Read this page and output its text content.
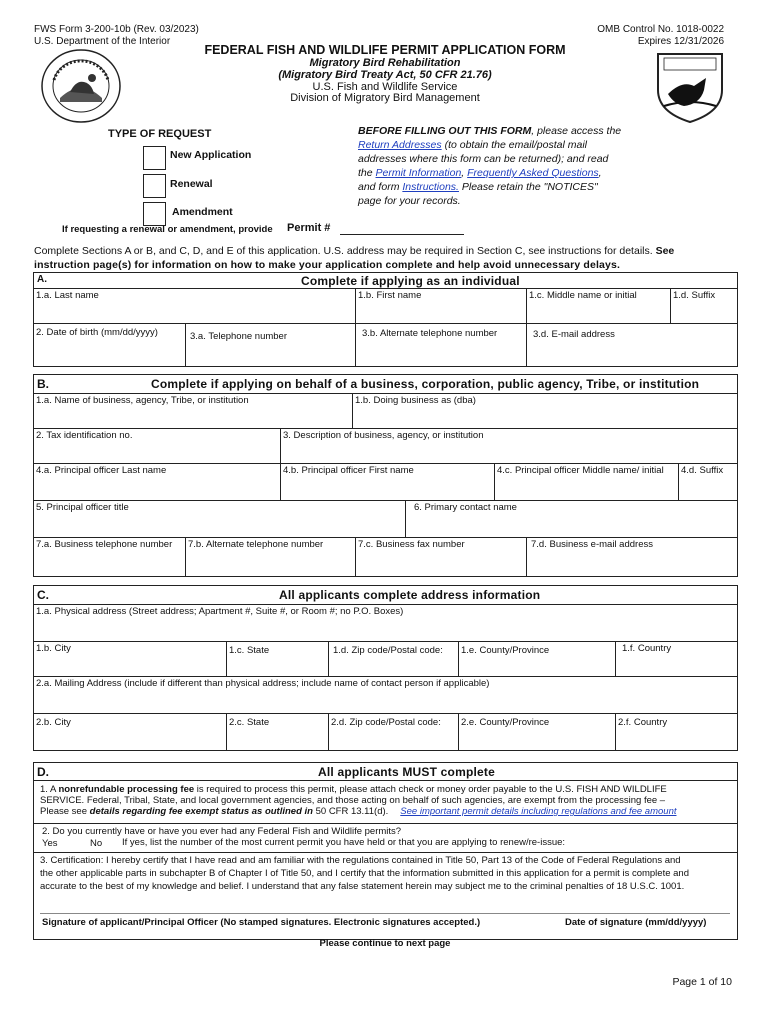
FWS Form 3-200-10b (Rev. 03/2023)
U.S. Department of the Interior
OMB Control No. 1018-0022
Expires 12/31/2026
FEDERAL FISH AND WILDLIFE PERMIT APPLICATION FORM
Migratory Bird Rehabilitation
(Migratory Bird Treaty Act, 50 CFR 21.76)
U.S. Fish and Wildlife Service
Division of Migratory Bird Management
TYPE OF REQUEST
New Application
Renewal
Amendment
If requesting a renewal or amendment, provide Permit #
BEFORE FILLING OUT THIS FORM, please access the
Return Addresses (to obtain the email/postal mail
addresses where this form can be returned); and read
the Permit Information, Frequently Asked Questions,
and form Instructions. Please retain the "NOTICES"
page for your records.
Complete Sections A or B, and C, D, and E of this application. U.S. address may be required in Section C, see instructions for details. See
instruction page(s) for information on how to make your application complete and help avoid unnecessary delays.
A.	Complete if applying as an individual
1.a. Last name	1.b. First name	1.c. Middle name or initial	1.d. Suffix
2. Date of birth (mm/dd/yyyy)	3.a. Telephone number	3.b. Alternate telephone number	3.d. E-mail address
B.	Complete if applying on behalf of a business, corporation, public agency, Tribe, or institution
1.a. Name of business, agency, Tribe, or institution	1.b. Doing business as (dba)
2. Tax identification no.	3. Description of business, agency, or institution
4.a. Principal officer Last name	4.b. Principal officer First name	4.c. Principal officer Middle name/ initial 4.d. Suffix
5. Principal officer title	6. Primary contact name
7.a. Business telephone number 7.b. Alternate telephone number	7.c. Business fax number	7.d. Business e-mail address
C.	All applicants complete address information
1.a. Physical address (Street address; Apartment #, Suite #, or Room #; no P.O. Boxes)
1.b. City	1.c. State	1.d. Zip code/Postal code: 1.e. County/Province	1.f. Country
2.a. Mailing Address (include if different than physical address; include name of contact person if applicable)
2.b. City	2.c. State	2.d. Zip code/Postal code: 2.e. County/Province	2.f. Country
D.	All applicants MUST complete
1. A nonrefundable processing fee is required to process this permit, please attach check or money order payable to the U.S. FISH AND WILDLIFE
SERVICE. Federal, Tribal, State, and local government agencies, and those acting on behalf of such agencies, are exempt from the processing fee –
Please see details regarding fee exempt status as outlined in 50 CFR 13.11(d). See important permit details including regulations and fee amount
2. Do you currently have or have you ever had any Federal Fish and Wildlife permits?
Yes	No If yes, list the number of the most current permit you have held or that you are applying to renew/re-issue:
3. Certification: I hereby certify that I have read and am familiar with the regulations contained in Title 50, Part 13 of the Code of Federal Regulations and
the other applicable parts in subchapter B of Chapter I of Title 50, and I certify that the information submitted in this application for a permit is complete and
accurate to the best of my knowledge and belief. I understand that any false statement herein may subject me to the criminal penalties of 18 U.S.C. 1001.
Signature of applicant/Principal Officer (No stamped signatures. Electronic signatures accepted.)	Date of signature (mm/dd/yyyy)
Please continue to next page
Page 1 of 10
